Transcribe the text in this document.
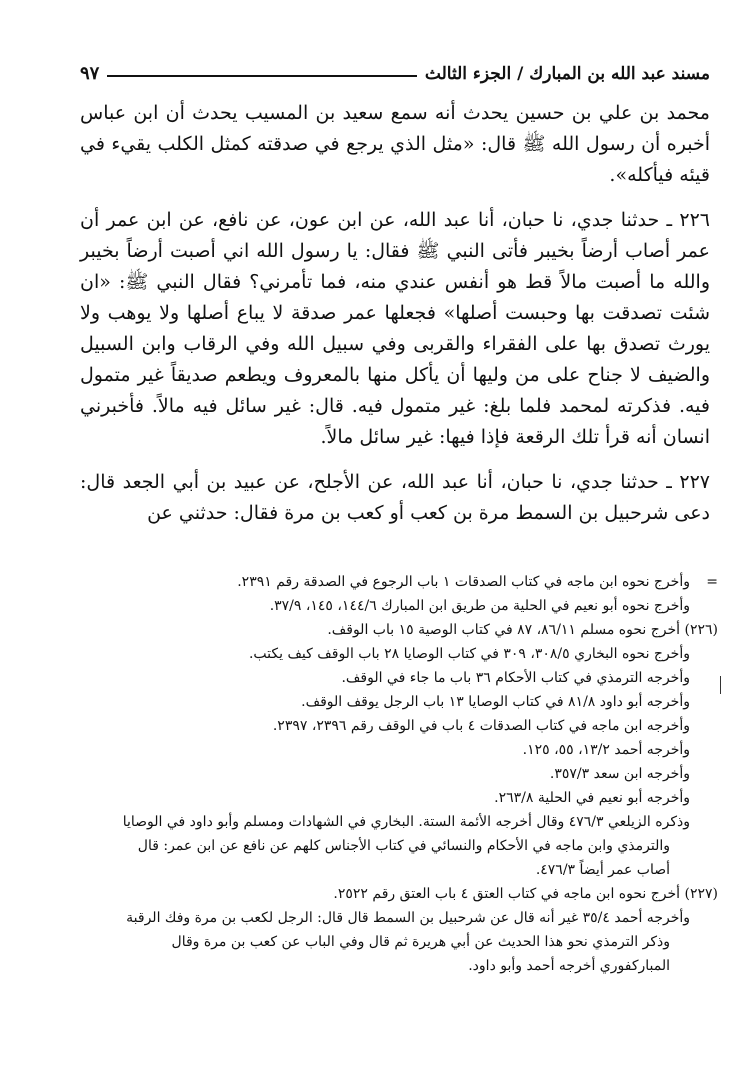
مسند عبد الله بن المبارك / الجزء الثالث
٩٧

محمد بن علي بن حسين يحدث أنه سمع سعيد بن المسيب يحدث أن ابن عباس أخبره أن رسول الله ﷺ قال: «مثل الذي يرجع في صدقته كمثل الكلب يقيء في قيئه فيأكله».

٢٢٦ ـ حدثنا جدي، نا حبان، أنا عبد الله، عن ابن عون، عن نافع، عن ابن عمر أن عمر أصاب أرضاً بخيبر فأتى النبي ﷺ فقال: يا رسول الله اني أصبت أرضاً بخيبر والله ما أصبت مالاً قط هو أنفس عندي منه، فما تأمرني؟ فقال النبي ﷺ: «ان شئت تصدقت بها وحبست أصلها» فجعلها عمر صدقة لا يباع أصلها ولا يوهب ولا يورث تصدق بها على الفقراء والقربى وفي سبيل الله وفي الرقاب وابن السبيل والضيف لا جناح على من وليها أن يأكل منها بالمعروف ويطعم صديقاً غير متمول فيه. فذكرته لمحمد فلما بلغ: غير متمول فيه. قال: غير سائل فيه مالاً. فأخبرني انسان أنه قرأ تلك الرقعة فإذا فيها: غير سائل مالاً.

٢٢٧ ـ حدثنا جدي، نا حبان، أنا عبد الله، عن الأجلح، عن عبيد بن أبي الجعد قال: دعى شرحبيل بن السمط مرة بن كعب أو كعب بن مرة فقال: حدثني عن

=وأخرج نحوه ابن ماجه في كتاب الصدقات ١ باب الرجوع في الصدقة رقم ٢٣٩١.

وأخرج نحوه أبو نعيم في الحلية من طريق ابن المبارك ١٤٤/٦، ١٤٥، ٣٧/٩.

(٢٢٦) أخرج نحوه مسلم ٨٦/١١، ٨٧ في كتاب الوصية ١٥ باب الوقف.

وأخرج نحوه البخاري ٣٠٨/٥، ٣٠٩ في كتاب الوصايا ٢٨ باب الوقف كيف يكتب.

وأخرجه الترمذي في كتاب الأحكام ٣٦ باب ما جاء في الوقف.

وأخرجه أبو داود ٨١/٨ في كتاب الوصايا ١٣ باب الرجل يوقف الوقف.

وأخرجه ابن ماجه في كتاب الصدقات ٤ باب في الوقف رقم ٢٣٩٦، ٢٣٩٧.

وأخرجه أحمد ١٣/٢، ٥٥، ١٢٥.

وأخرجه ابن سعد ٣٥٧/٣.

وأخرجه أبو نعيم في الحلية ٢٦٣/٨.

وذكره الزيلعي ٤٧٦/٣ وقال أخرجه الأئمة الستة. البخاري في الشهادات ومسلم وأبو داود في الوصايا

والترمذي وابن ماجه في الأحكام والنسائي في كتاب الأجناس كلهم عن نافع عن ابن عمر: قال

أصاب عمر أيضاً ٤٧٦/٣.

(٢٢٧) أخرج نحوه ابن ماجه في كتاب العتق ٤ باب العتق رقم ٢٥٢٢.

وأخرجه أحمد ٣٥/٤ غير أنه قال عن شرحبيل بن السمط قال قال: الرجل لكعب بن مرة وفك الرقبة

وذكر الترمذي نحو هذا الحديث عن أبي هريرة ثم قال وفي الباب عن كعب بن مرة وقال

المباركفوري أخرجه أحمد وأبو داود.
